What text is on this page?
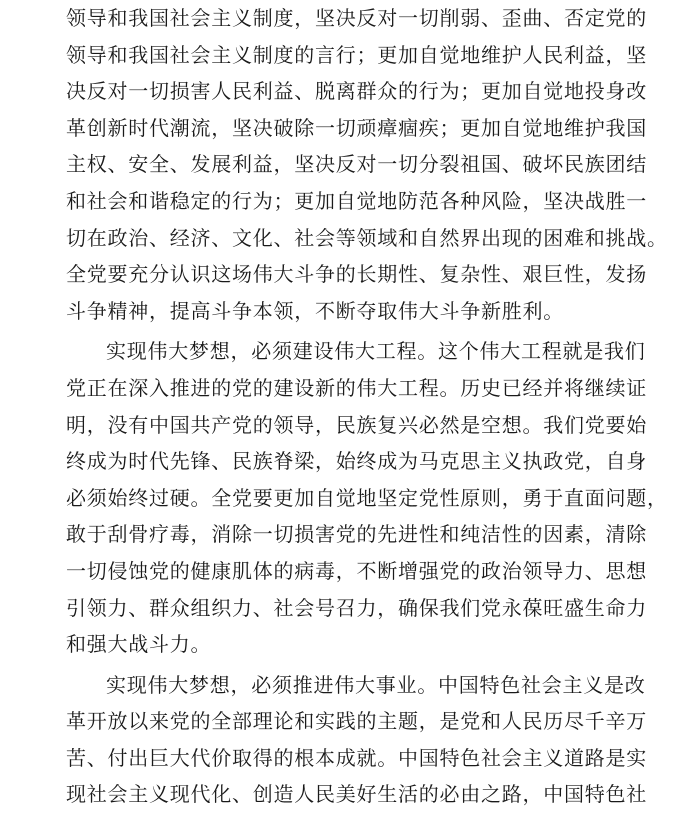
领导和我国社会主义制度，坚决反对一切削弱、歪曲、否定党的
领导和我国社会主义制度的言行；更加自觉地维护人民利益，坚
决反对一切损害人民利益、脱离群众的行为；更加自觉地投身改
革创新时代潮流，坚决破除一切顽瘴痼疾；更加自觉地维护我国
主权、安全、发展利益，坚决反对一切分裂祖国、破坏民族团结
和社会和谐稳定的行为；更加自觉地防范各种风险，坚决战胜一
切在政治、经济、文化、社会等领域和自然界出现的困难和挑战。
全党要充分认识这场伟大斗争的长期性、复杂性、艰巨性，发扬
斗争精神，提高斗争本领，不断夺取伟大斗争新胜利。
实现伟大梦想，必须建设伟大工程。这个伟大工程就是我们
党正在深入推进的党的建设新的伟大工程。历史已经并将继续证
明，没有中国共产党的领导，民族复兴必然是空想。我们党要始
终成为时代先锋、民族脊梁，始终成为马克思主义执政党，自身
必须始终过硬。全党要更加自觉地坚定党性原则，勇于直面问题，
敢于刮骨疗毒，消除一切损害党的先进性和纯洁性的因素，清除
一切侵蚀党的健康肌体的病毒，不断增强党的政治领导力、思想
引领力、群众组织力、社会号召力，确保我们党永葆旺盛生命力
和强大战斗力。
实现伟大梦想，必须推进伟大事业。中国特色社会主义是改
革开放以来党的全部理论和实践的主题，是党和人民历尽千辛万
苦、付出巨大代价取得的根本成就。中国特色社会主义道路是实
现社会主义现代化、创造人民美好生活的必由之路，中国特色社
